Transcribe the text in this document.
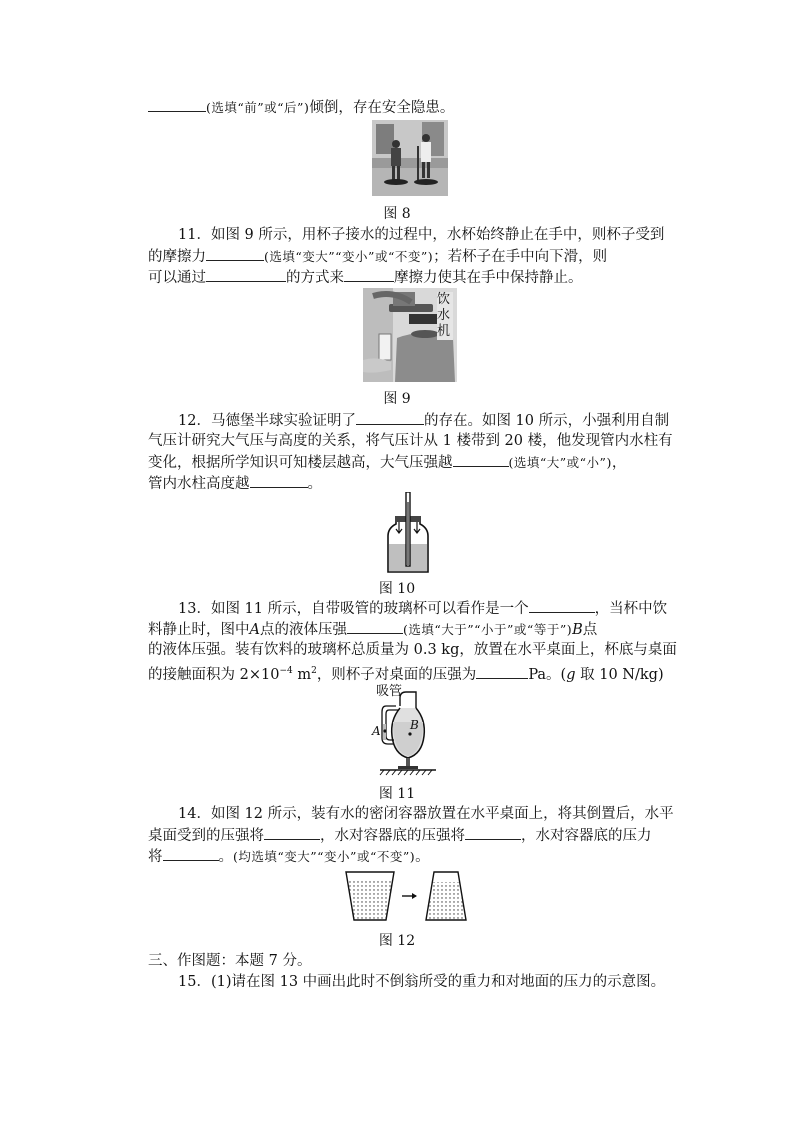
(选填“前”或“后”)倾倒，存在安全隐患。
图 8
11．如图 9 所示，用杯子接水的过程中，水杯始终静止在手中，则杯子受到
的摩擦力	(选填“变大”“变小”或“不变”)；若杯子在手中向下滑，则
可以通过	的方式来	摩擦力使其在手中保持静止。
饮水机
图 9
12．马德堡半球实验证明了	的存在。如图 10 所示，小强利用自制
气压计研究大气压与高度的关系，将气压计从 1 楼带到 20 楼，他发现管内水柱有
变化，根据所学知识可知楼层越高，大气压强越	(选填“大”或“小”)，
管内水柱高度越	。
图 10
13．如图 11 所示，自带吸管的玻璃杯可以看作是一个	，当杯中饮
料静止时，图中A点的液体压强	(选填“大于”“小于”或“等于”)B点
的液体压强。装有饮料的玻璃杯总质量为 0.3 kg，放置在水平桌面上，杯底与桌面
的接触面积为 $2\times 10^{-4}$ $m^2$，则杯子对桌面的压强为	Pa。(g 取 10 N/kg)
吸管
A B
图 11
14．如图 12 所示，装有水的密闭容器放置在水平桌面上，将其倒置后，水平
桌面受到的压强将	，水对容器底的压强将	，水对容器底的压力
将	。(均选填“变大”“变小”或“不变”)。
图 12
三、作图题：本题 7 分。
15．(1)请在图 13 中画出此时不倒翁所受的重力和对地面的压力的示意图。
